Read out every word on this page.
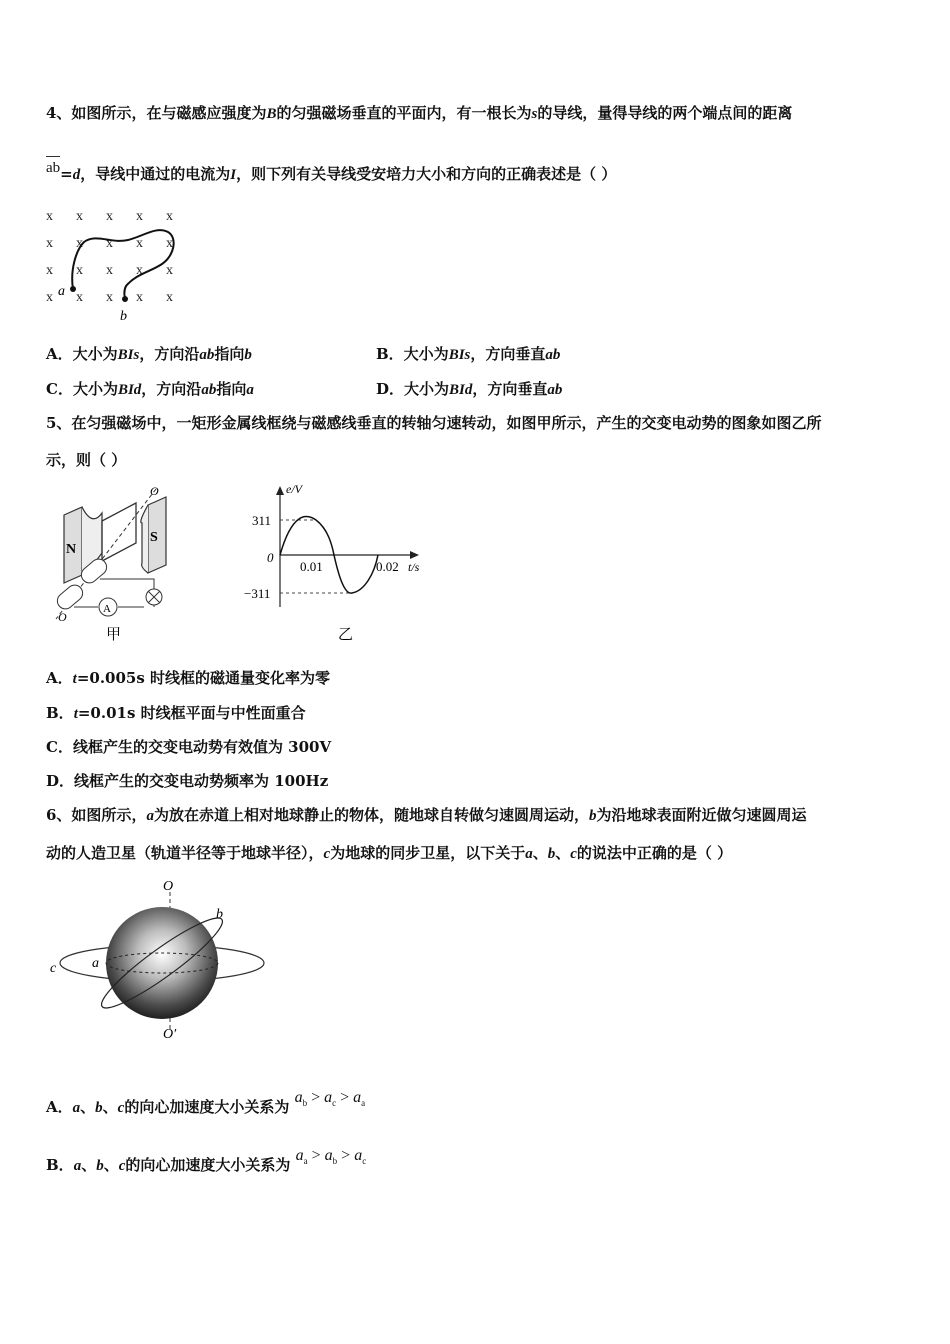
4、如图所示，在与磁感应强度为B的匀强磁场垂直的平面内，有一根长为s的导线，量得导线的两个端点间的距离
ab=d，导线中通过的电流为I，则下列有关导线受安培力大小和方向的正确表述是（ ）
x x x x x
x x x x x
x x x x x
x x x x x
a
b
A．大小为BIs，方向沿ab指向b	B．大小为BIs，方向垂直ab
C．大小为BId，方向沿ab指向a	D．大小为BId，方向垂直ab
5、在匀强磁场中，一矩形金属线框绕与磁感线垂直的转轴匀速转动，如图甲所示，产生的交变电动势的图象如图乙所
示，则（ ）
N
S
A
O
O
甲
e/V
t/s
0
311
−311
0.01	0.02
乙
A．t=0.005s 时线框的磁通量变化率为零
B．t=0.01s 时线框平面与中性面重合
C．线框产生的交变电动势有效值为 300V
D．线框产生的交变电动势频率为 100Hz
6、如图所示，a为放在赤道上相对地球静止的物体，随地球自转做匀速圆周运动，b为沿地球表面附近做匀速圆周运
动的人造卫星（轨道半径等于地球半径），c为地球的同步卫星，以下关于a、b、c的说法中正确的是（ ）
O
O′
b
a
c
A．a、b、c的向心加速度大小关系为 $a_b > a_c > a_a$
B．a、b、c的向心加速度大小关系为 $a_a > a_b > a_c$
